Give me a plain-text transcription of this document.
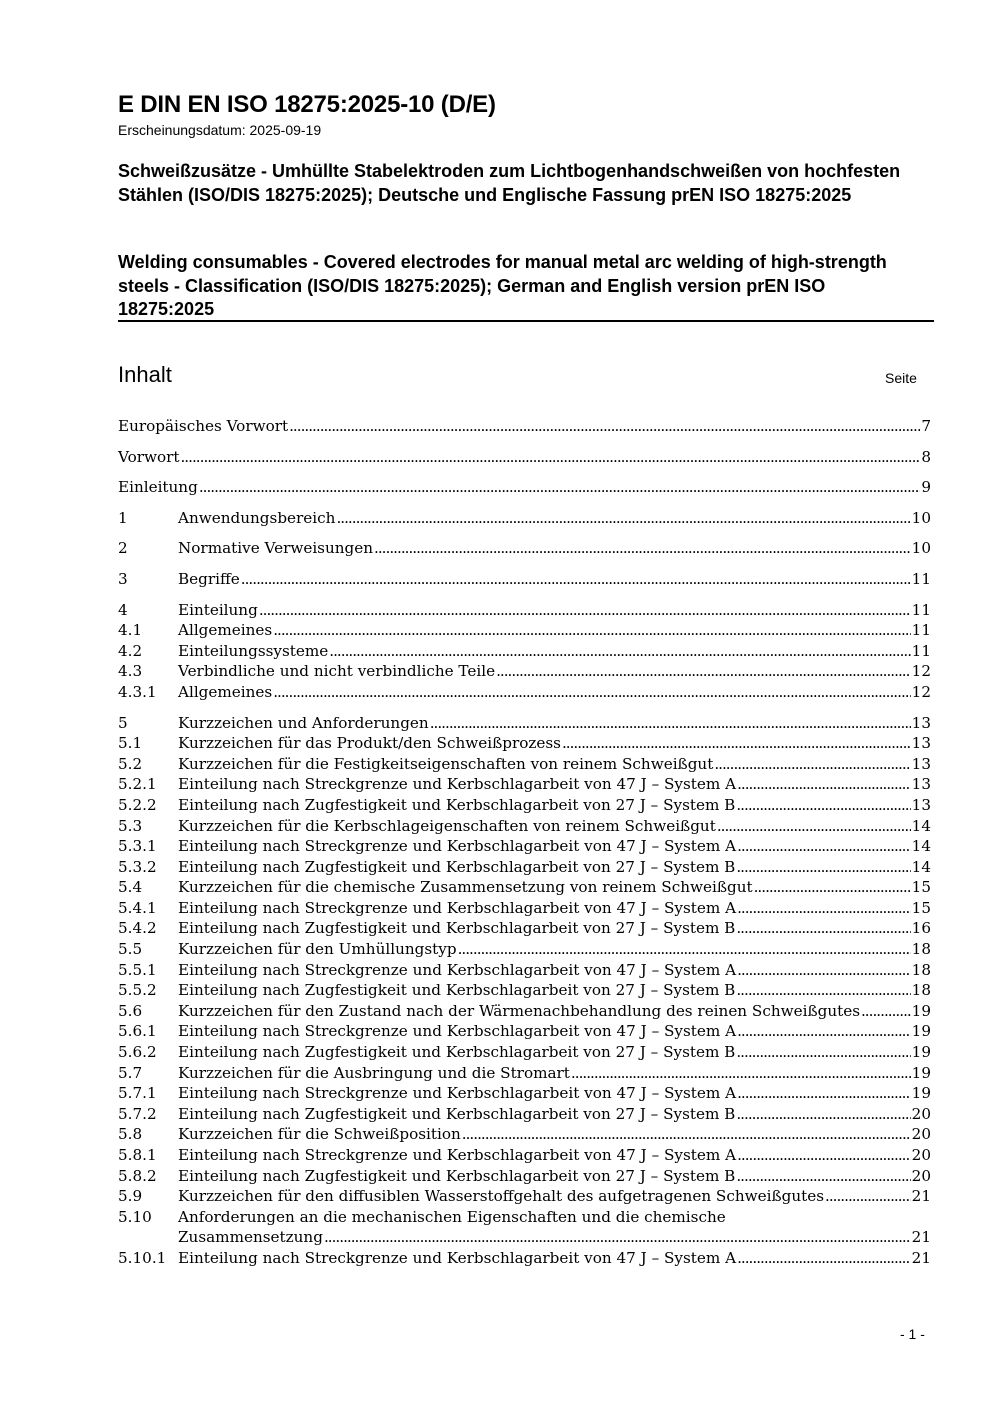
E DIN EN ISO 18275:2025-10 (D/E)
Erscheinungsdatum: 2025-09-19
Schweißzusätze - Umhüllte Stabelektroden zum Lichtbogenhandschweißen von hochfesten Stählen (ISO/DIS 18275:2025); Deutsche und Englische Fassung prEN ISO 18275:2025
Welding consumables - Covered electrodes for manual metal arc welding of high-strength steels - Classification (ISO/DIS 18275:2025); German and English version prEN ISO 18275:2025
Inhalt	Seite
Europäisches Vorwort .....	7
Vorwort .....	8
Einleitung .....	9
1	Anwendungsbereich .....	10
2	Normative Verweisungen .....	10
3	Begriffe .....	11
4	Einteilung .....	11
4.1	Allgemeines .....	11
4.2	Einteilungssysteme .....	11
4.3	Verbindliche und nicht verbindliche Teile .....	12
4.3.1	Allgemeines .....	12
5	Kurzzeichen und Anforderungen .....	13
5.1	Kurzzeichen für das Produkt/den Schweißprozess .....	13
5.2	Kurzzeichen für die Festigkeitseigenschaften von reinem Schweißgut .....	13
5.2.1	Einteilung nach Streckgrenze und Kerbschlagarbeit von 47 J – System A .....	13
5.2.2	Einteilung nach Zugfestigkeit und Kerbschlagarbeit von 27 J – System B .....	13
5.3	Kurzzeichen für die Kerbschlageigenschaften von reinem Schweißgut .....	14
5.3.1	Einteilung nach Streckgrenze und Kerbschlagarbeit von 47 J – System A .....	14
5.3.2	Einteilung nach Zugfestigkeit und Kerbschlagarbeit von 27 J – System B .....	14
5.4	Kurzzeichen für die chemische Zusammensetzung von reinem Schweißgut .....	15
5.4.1	Einteilung nach Streckgrenze und Kerbschlagarbeit von 47 J – System A .....	15
5.4.2	Einteilung nach Zugfestigkeit und Kerbschlagarbeit von 27 J – System B .....	16
5.5	Kurzzeichen für den Umhüllungstyp .....	18
5.5.1	Einteilung nach Streckgrenze und Kerbschlagarbeit von 47 J – System A .....	18
5.5.2	Einteilung nach Zugfestigkeit und Kerbschlagarbeit von 27 J – System B .....	18
5.6	Kurzzeichen für den Zustand nach der Wärmenachbehandlung des reinen Schweißgutes .....	19
5.6.1	Einteilung nach Streckgrenze und Kerbschlagarbeit von 47 J – System A .....	19
5.6.2	Einteilung nach Zugfestigkeit und Kerbschlagarbeit von 27 J – System B .....	19
5.7	Kurzzeichen für die Ausbringung und die Stromart .....	19
5.7.1	Einteilung nach Streckgrenze und Kerbschlagarbeit von 47 J – System A .....	19
5.7.2	Einteilung nach Zugfestigkeit und Kerbschlagarbeit von 27 J – System B .....	20
5.8	Kurzzeichen für die Schweißposition .....	20
5.8.1	Einteilung nach Streckgrenze und Kerbschlagarbeit von 47 J – System A .....	20
5.8.2	Einteilung nach Zugfestigkeit und Kerbschlagarbeit von 27 J – System B .....	20
5.9	Kurzzeichen für den diffusiblen Wasserstoffgehalt des aufgetragenen Schweißgutes .....	21
5.10	Anforderungen an die mechanischen Eigenschaften und die chemische
Zusammensetzung .....	21
5.10.1 Einteilung nach Streckgrenze und Kerbschlagarbeit von 47 J – System A .....	21
- 1 -
